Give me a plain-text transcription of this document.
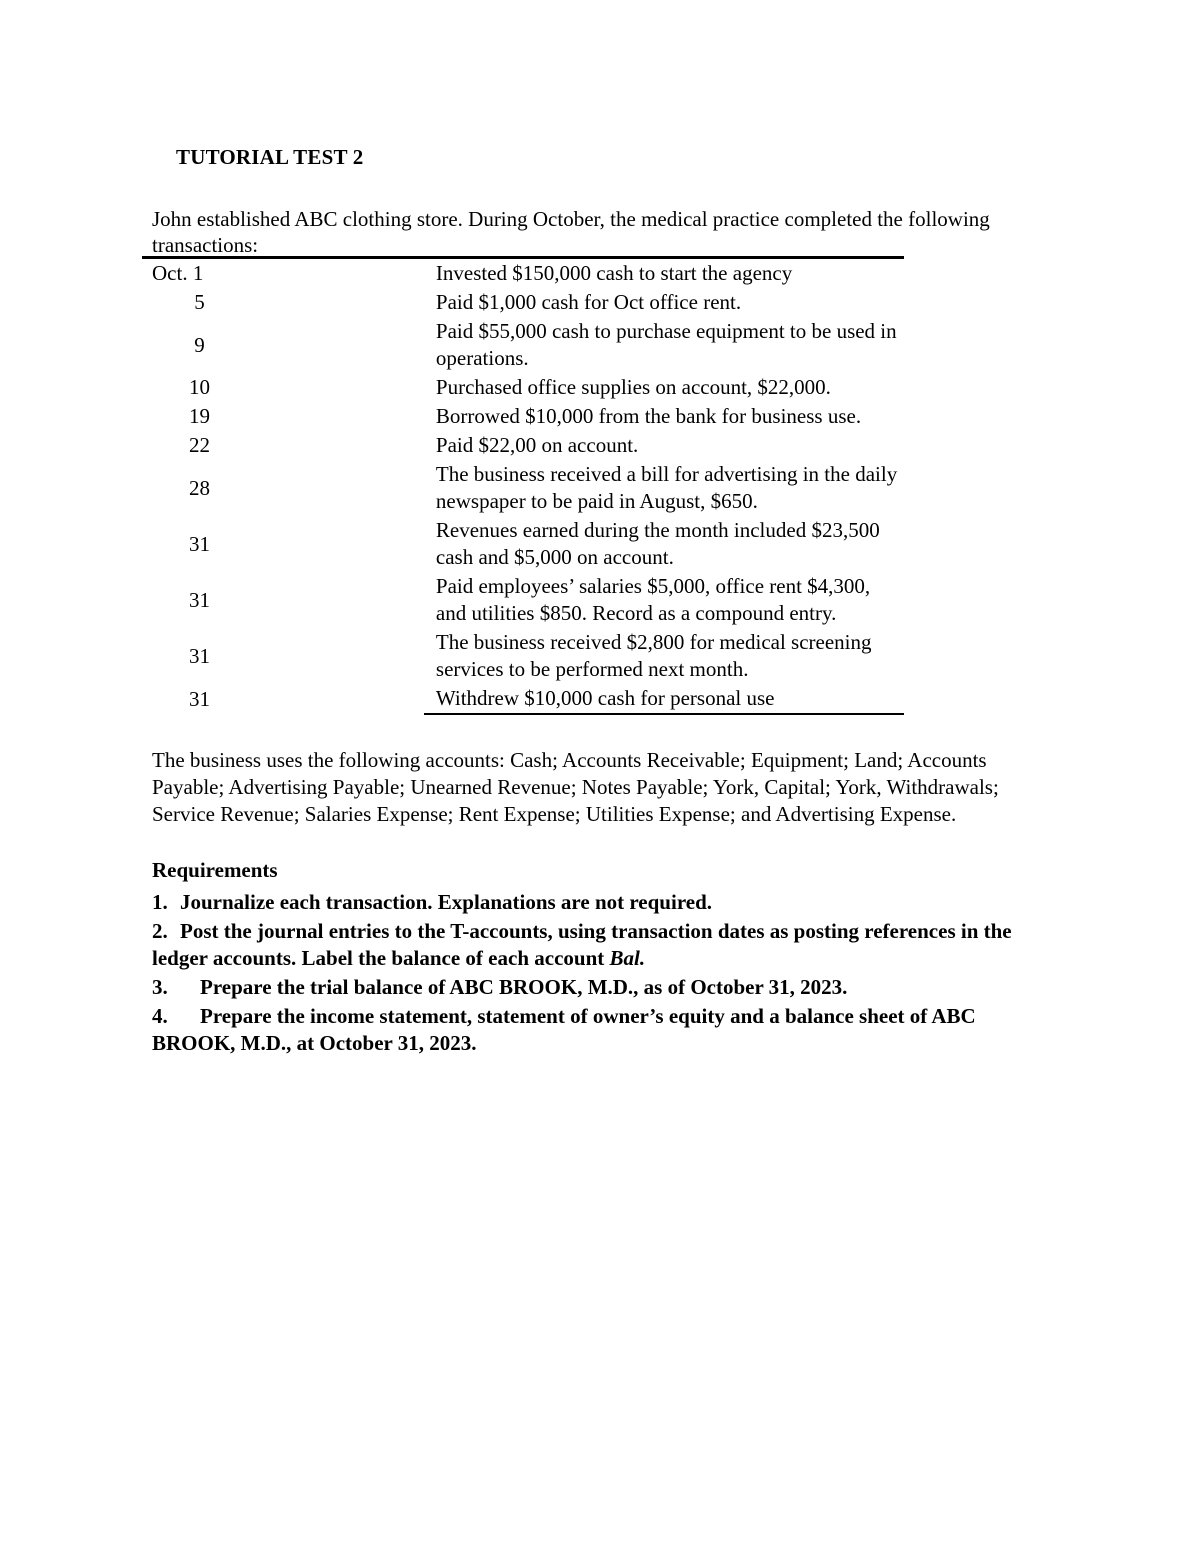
TUTORIAL TEST 2

John established ABC clothing store. During October, the medical practice completed the following transactions:

Oct. 1	Invested $150,000 cash to start the agency
5	Paid $1,000 cash for Oct office rent.
9	Paid $55,000 cash to purchase equipment to be used in operations.
10	Purchased office supplies on account, $22,000.
19	Borrowed $10,000 from the bank for business use.
22	Paid $22,00 on account.
28	The business received a bill for advertising in the daily newspaper to be paid in August, $650.
31	Revenues earned during the month included $23,500 cash and $5,000 on account.
31	Paid employees’ salaries $5,000, office rent $4,300, and utilities $850. Record as a compound entry.
31	The business received $2,800 for medical screening services to be performed next month.
31	Withdrew $10,000 cash for personal use

The business uses the following accounts: Cash; Accounts Receivable; Equipment; Land; Accounts Payable; Advertising Payable; Unearned Revenue; Notes Payable; York, Capital; York, Withdrawals; Service Revenue; Salaries Expense; Rent Expense; Utilities Expense; and Advertising Expense.

Requirements
1. Journalize each transaction. Explanations are not required.
2. Post the journal entries to the T-accounts, using transaction dates as posting references in the ledger accounts. Label the balance of each account Bal.
3. Prepare the trial balance of ABC BROOK, M.D., as of October 31, 2023.
4. Prepare the income statement, statement of owner’s equity and a balance sheet of ABC BROOK, M.D., at October 31, 2023.
